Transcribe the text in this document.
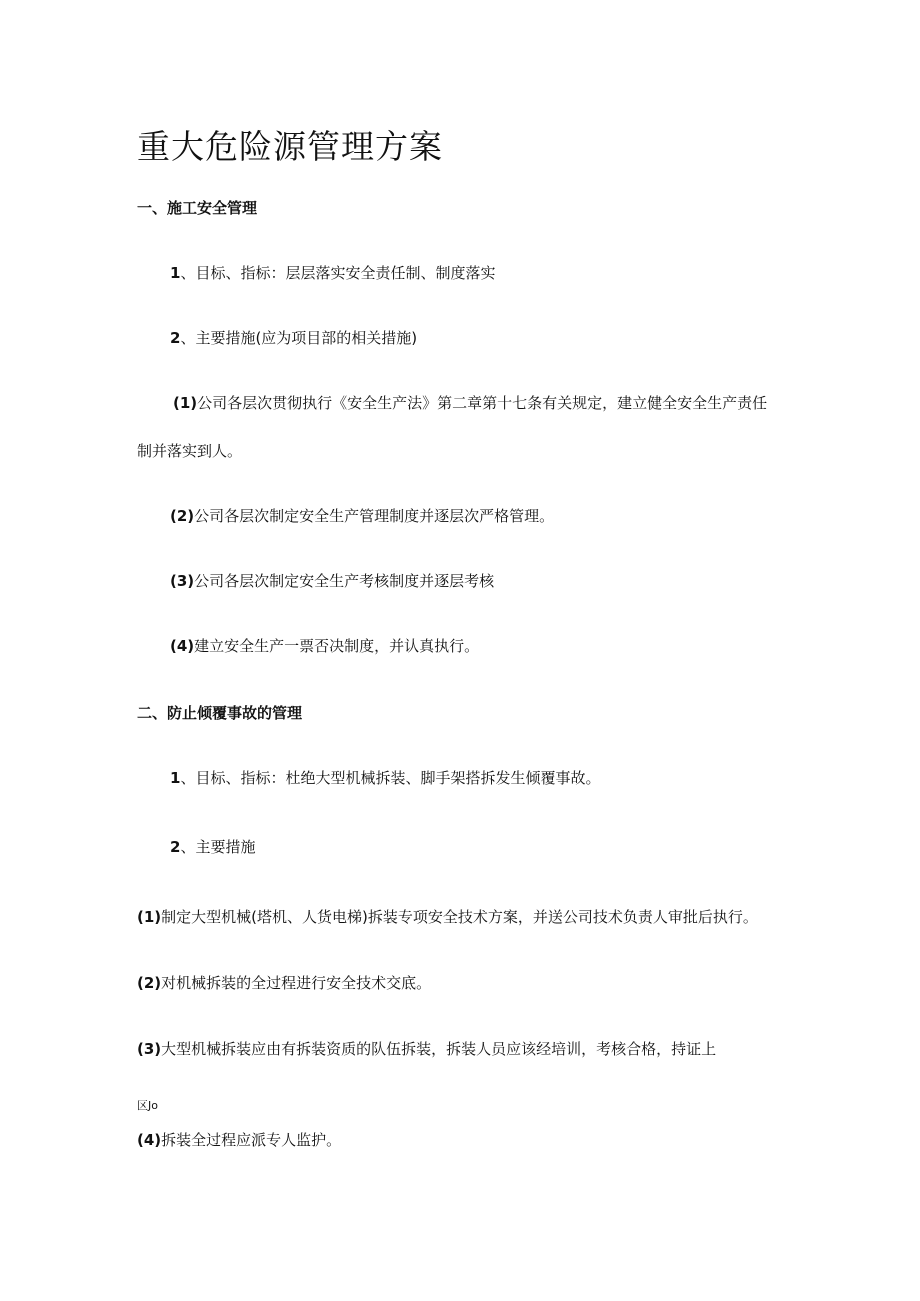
重大危险源管理方案
一、施工安全管理
1、目标、指标：层层落实安全责任制、制度落实
2、主要措施(应为项目部的相关措施)
(1)公司各层次贯彻执行《安全生产法》第二章第十七条有关规定，建立健全安全生产责任
制并落实到人。
(2)公司各层次制定安全生产管理制度并逐层次严格管理。
(3)公司各层次制定安全生产考核制度并逐层考核
(4)建立安全生产一票否决制度，并认真执行。
二、防止倾覆事故的管理
1、目标、指标：杜绝大型机械拆装、脚手架搭拆发生倾覆事故。
2、主要措施
(1)制定大型机械(塔机、人货电梯)拆装专项安全技术方案，并送公司技术负责人审批后执行。
(2)对机械拆装的全过程进行安全技术交底。
(3)大型机械拆装应由有拆装资质的队伍拆装，拆装人员应该经培训，考核合格，持证上
区Jo
(4)拆装全过程应派专人监护。
